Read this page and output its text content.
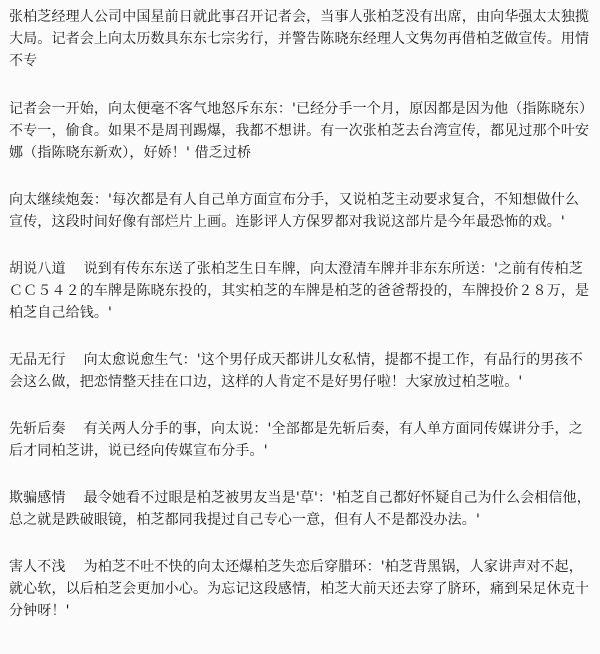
张柏芝经理人公司中国星前日就此事召开记者会，当事人张柏芝没有出席，由向华强太太独揽大局。记者会上向太历数具东东七宗劣行，并警告陈晓东经理人文隽勿再借柏芝做宣传。用情不专

记者会一开始，向太便毫不客气地怒斥东东：'已经分手一个月，原因都是因为他（指陈晓东）不专一，偷食。如果不是周刊踢爆，我都不想讲。有一次张柏芝去台湾宣传，都见过那个叶安娜（指陈晓东新欢），好娇！' 借乏过桥

向太继续炮轰：'每次都是有人自己单方面宣布分手，又说柏芝主动要求复合，不知想做什么宣传，这段时间好像有部烂片上画。连影评人方保罗都对我说这部片是今年最恐怖的戏。'

胡说八道 说到有传东东送了张柏芝生日车牌，向太澄清车牌并非东东所送：'之前有传柏芝ＣＣ５４２的车牌是陈晓东投的，其实柏芝的车牌是柏芝的爸爸帮投的，车牌投价２８万，是柏芝自己给钱。'

无品无行 向太愈说愈生气：'这个男仔成天都讲儿女私情，提都不提工作，有品行的男孩不会这么做，把恋情整天挂在口边，这样的人肯定不是好男仔啦！大家放过柏芝啦。'

先斩后奏 有关两人分手的事，向太说：'全部都是先斩后奏，有人单方面同传媒讲分手，之后才同柏芝讲，说已经向传媒宣布分手。'

欺骗感情 最令她看不过眼是柏芝被男友当是'草'：'柏芝自己都好怀疑自己为什么会相信他，总之就是跌破眼镜，柏芝都同我提过自己专心一意，但有人不是都没办法。'

害人不浅 为柏芝不吐不快的向太还爆柏芝失恋后穿腊环：'柏芝背黑锅，人家讲声对不起，就心软，以后柏芝会更加小心。为忘记这段感情，柏芝大前天还去穿了脐环，痛到呆足休克十分钟呀！'
